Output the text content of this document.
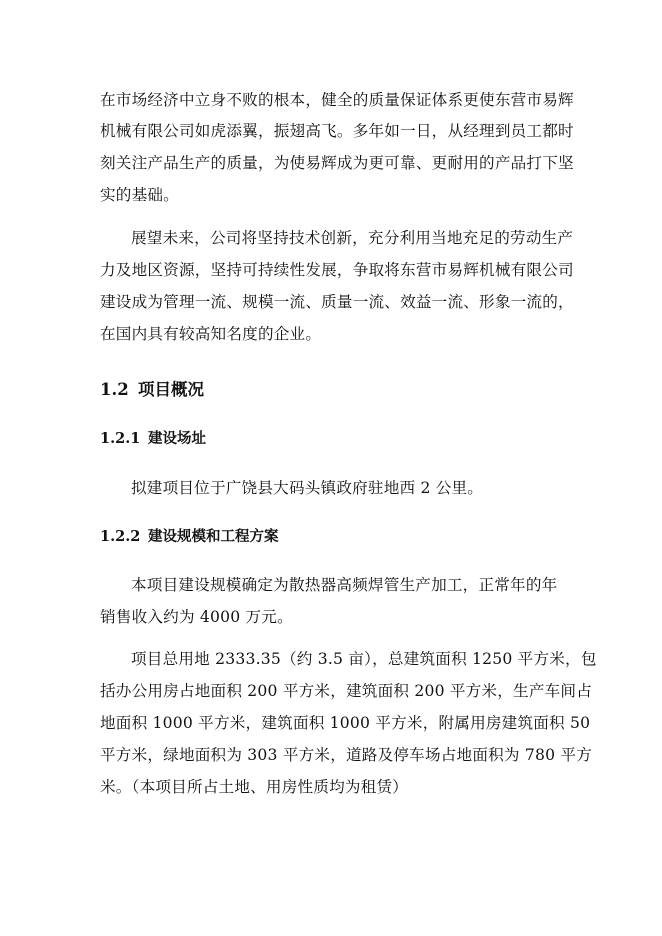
在市场经济中立身不败的根本，健全的质量保证体系更使东营市易辉
机械有限公司如虎添翼，振翅高飞。多年如一日，从经理到员工都时
刻关注产品生产的质量，为使易辉成为更可靠、更耐用的产品打下坚
实的基础。
展望未来，公司将坚持技术创新，充分利用当地充足的劳动生产
力及地区资源，坚持可持续性发展，争取将东营市易辉机械有限公司
建设成为管理一流、规模一流、质量一流、效益一流、形象一流的，
在国内具有较高知名度的企业。
1.2 项目概况
1.2.1 建设场址
拟建项目位于广饶县大码头镇政府驻地西 2 公里。
1.2.2 建设规模和工程方案
本项目建设规模确定为散热器高频焊管生产加工，正常年的年
销售收入约为 4000 万元。
项目总用地 2333.35（约 3.5 亩），总建筑面积 1250 平方米，包
括办公用房占地面积 200 平方米，建筑面积 200 平方米，生产车间占
地面积 1000 平方米，建筑面积 1000 平方米，附属用房建筑面积 50
平方米，绿地面积为 303 平方米，道路及停车场占地面积为 780 平方
米。（本项目所占土地、用房性质均为租赁）
